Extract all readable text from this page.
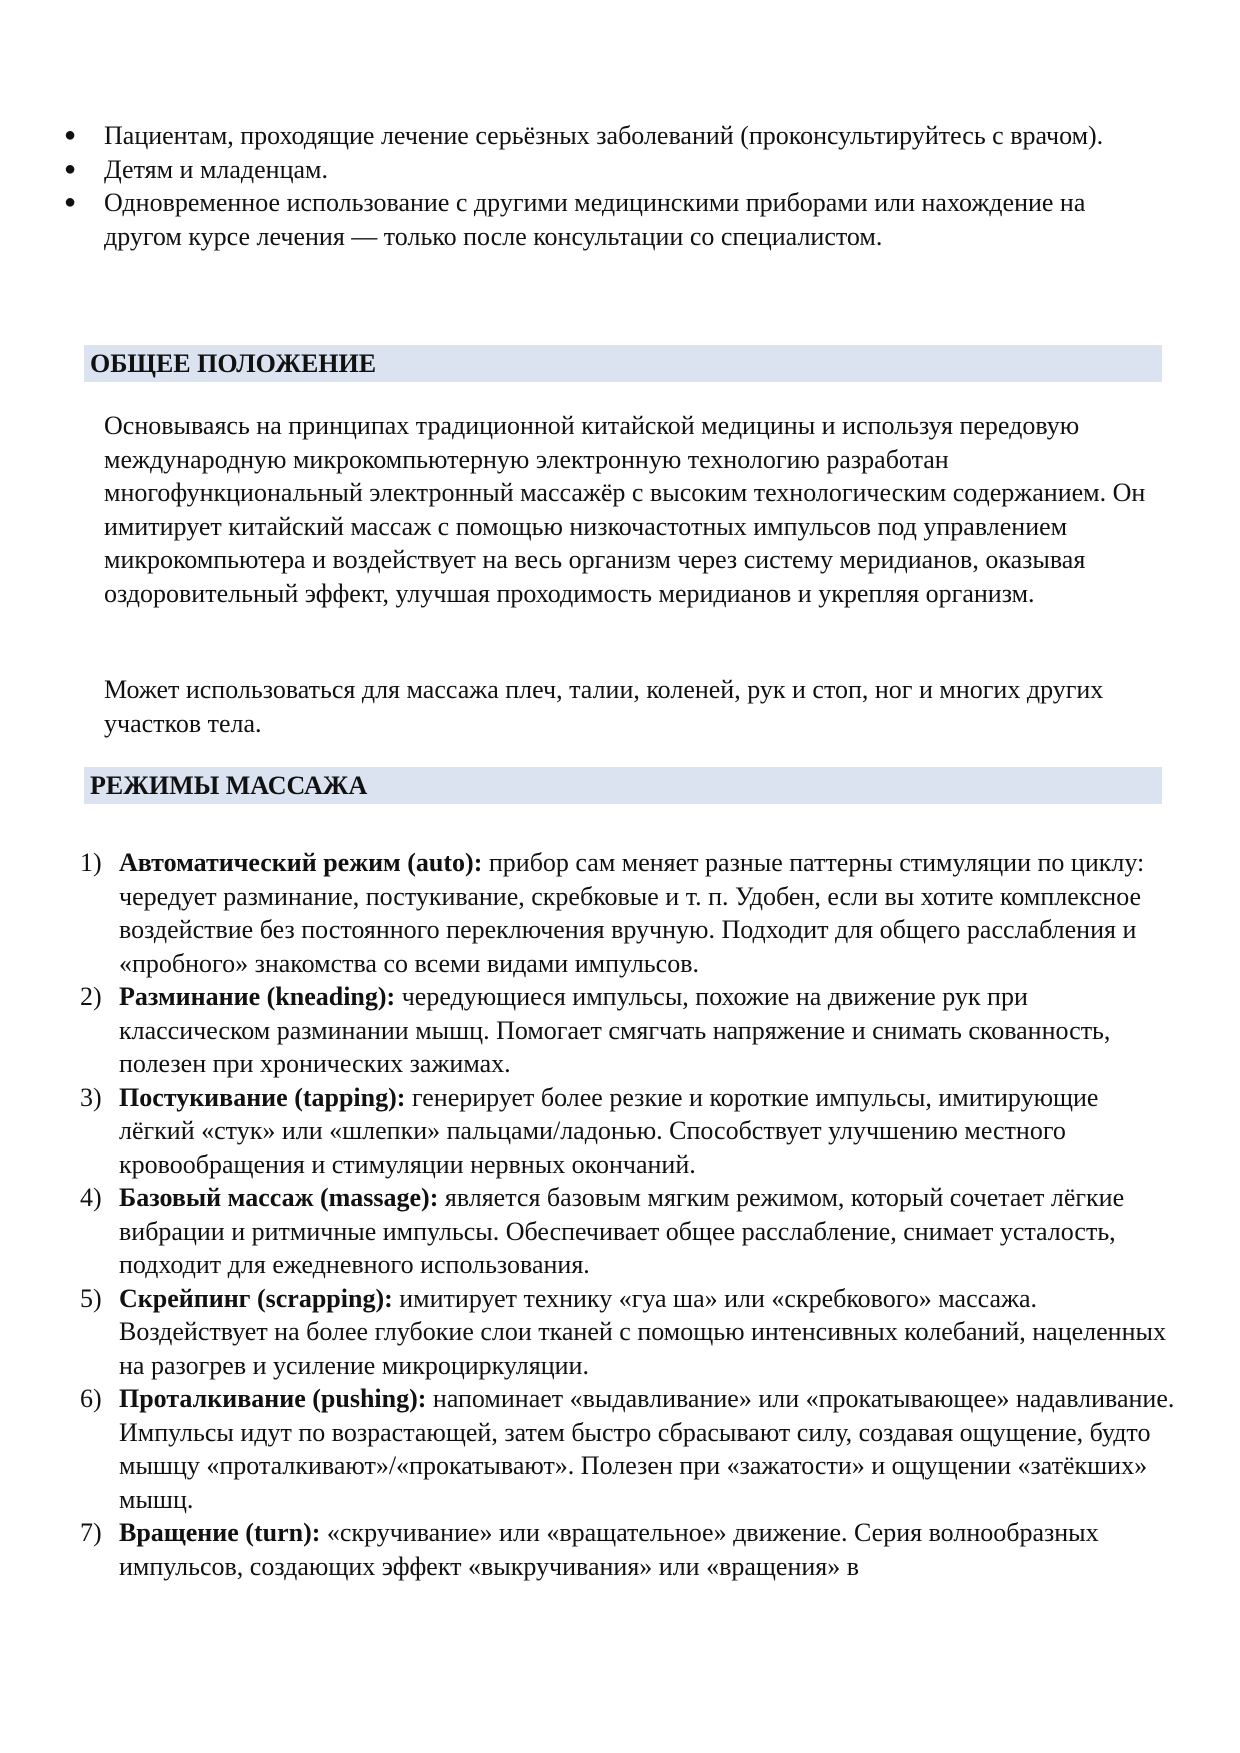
● Пациентам, проходящие лечение серьёзных заболеваний (проконсультируйтесь с врачом).
● Детям и младенцам.
● Одновременное использование с другими медицинскими приборами или нахождение на другом курсе лечения — только после консультации со специалистом.
ОБЩЕЕ ПОЛОЖЕНИЕ

Основываясь на принципах традиционной китайской медицины и используя передовую международную микрокомпьютерную электронную технологию разработан многофункциональный электронный массажёр с высоким технологическим содержанием. Он имитирует китайский массаж с помощью низкочастотных импульсов под управлением микрокомпьютера и воздействует на весь организм через систему меридианов, оказывая оздоровительный эффект, улучшая проходимость меридианов и укрепляя организм.

Может использоваться для массажа плеч, талии, коленей, рук и стоп, ног и многих других участков тела.

РЕЖИМЫ МАССАЖА
1) Автоматический режим (auto): прибор сам меняет разные паттерны стимуляции по циклу: чередует разминание, постукивание, скребковые и т. п. Удобен, если вы хотите комплексное воздействие без постоянного переключения вручную. Подходит для общего расслабления и «пробного» знакомства со всеми видами импульсов.
2) Разминание (kneading): чередующиеся импульсы, похожие на движение рук при классическом разминании мышц. Помогает смягчать напряжение и снимать скованность, полезен при хронических зажимах.
3) Постукивание (tapping): генерирует более резкие и короткие импульсы, имитирующие лёгкий «стук» или «шлепки» пальцами/ладонью. Способствует улучшению местного кровообращения и стимуляции нервных окончаний.
4) Базовый массаж (massage): является базовым мягким режимом, который сочетает лёгкие вибрации и ритмичные импульсы. Обеспечивает общее расслабление, снимает усталость, подходит для ежедневного использования.
5) Скрейпинг (scrapping): имитирует технику «гуа ша» или «скребкового» массажа. Воздействует на более глубокие слои тканей с помощью интенсивных колебаний, нацеленных на разогрев и усиление микроциркуляции.
6) Проталкивание (pushing): напоминает «выдавливание» или «прокатывающее» надавливание. Импульсы идут по возрастающей, затем быстро сбрасывают силу, создавая ощущение, будто мышцу «проталкивают»/«прокатывают». Полезен при «зажатости» и ощущении «затёкших» мышц.
7) Вращение (turn): «скручивание» или «вращательное» движение. Серия волнообразных импульсов, создающих эффект «выкручивания» или «вращения» в
